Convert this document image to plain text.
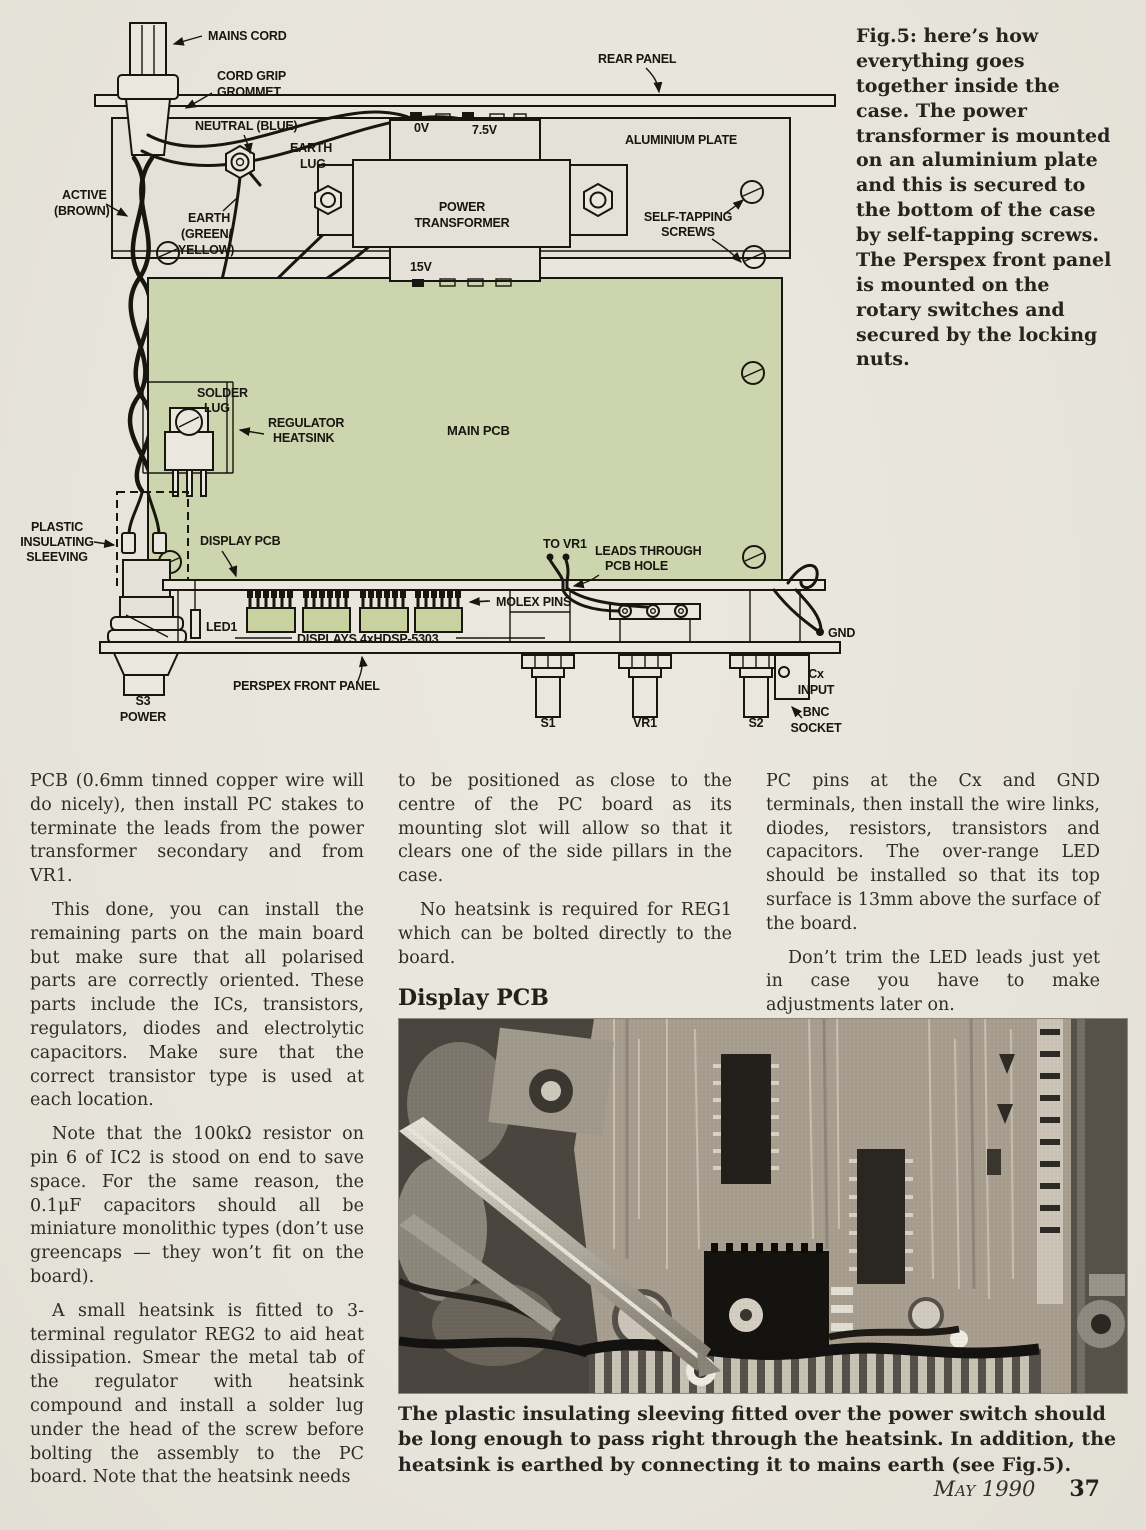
MAINS CORD
CORD GRIP
GROMMET
NEUTRAL (BLUE)
EARTH
LUG
ACTIVE
(BROWN)	EARTH
(GREEN/
YELLOW)
REAR PANEL
ALUMINIUM PLATE
POWER
TRANSFORMER	SELF-TAPPING
SCREWS
0V	7.5V
15V
SOLDER
LUG
REGULATOR
HEATSINK	MAIN PCB
PLASTIC
INSULATING
SLEEVING
DISPLAY PCB	TO VR1 LEADS THROUGH
PCB HOLE
MOLEX PINS
LED1
DISPLAYS 4xHDSP-5303	GND
S3
POWER
PERSPEX FRONT PANEL
S1	VR1	S2
Cx
INPUT
BNC
SOCKET
Fig.5: here’s how everything goes together inside the case. The power transformer is mounted on an aluminium plate and this is secured to the bottom of the case by self-tapping screws. The Perspex front panel is mounted on the rotary switches and secured by the locking nuts.

PCB (0.6mm tinned copper wire will do nicely), then install PC stakes to terminate the leads from the power transformer secondary and from VR1.

This done, you can install the remaining parts on the main board but make sure that all polarised parts are correctly oriented. These parts include the ICs, transistors, regulators, diodes and electrolytic capacitors. Make sure that the correct transistor type is used at each location.

Note that the 100kΩ resistor on pin 6 of IC2 is stood on end to save space. For the same reason, the 0.1μF capacitors should all be miniature monolithic types (don’t use greencaps — they won’t fit on the board).

A small heatsink is fitted to 3-terminal regulator REG2 to aid heat dissipation. Smear the metal tab of the regulator with heatsink compound and install a solder lug under the head of the screw before bolting the assembly to the PC board. Note that the heatsink needs

to be positioned as close to the centre of the PC board as its mounting slot will allow so that it clears one of the side pillars in the case.

No heatsink is required for REG1 which can be bolted directly to the board.

Display PCB

PC pins at the Cx and GND terminals, then install the wire links, diodes, resistors, transistors and capacitors. The over-range LED should be installed so that its top surface is 13mm above the surface of the board.

Don’t trim the LED leads just yet in case you have to make adjustments later on.

The plastic insulating sleeving fitted over the power switch should be long enough to pass right through the heatsink. In addition, the heatsink is earthed by connecting it to mains earth (see Fig.5).
May 1990 37
